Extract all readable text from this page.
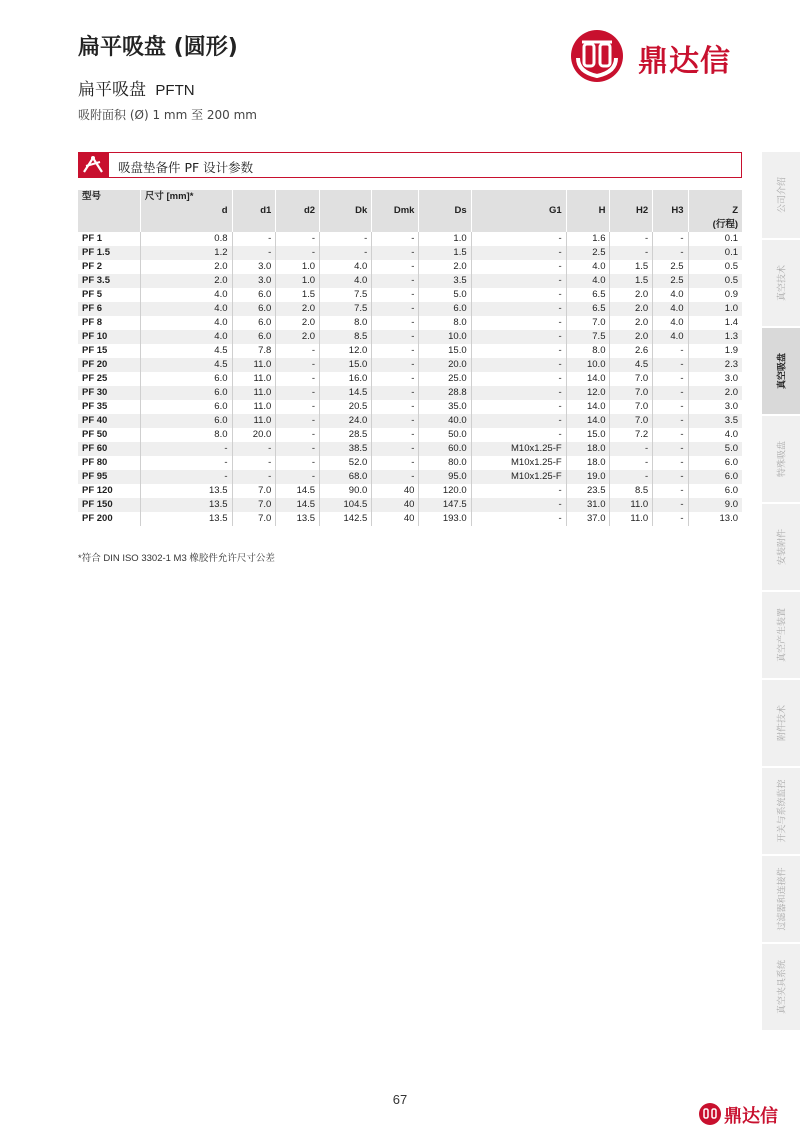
扁平吸盘 (圆形)
扁平吸盘 PFTN
吸附面积 (Ø) 1 mm 至 200 mm
鼎达信
吸盘垫备件 PF 设计参数
型号	尺寸 [mm]*										
	d	d1	d2	Dk	Dmk	Ds	G1	H	H2	H3	Z
											(行程)
PF 1	0.8	-	-	-	-	1.0	-	1.6	-	-	0.1
PF 1.5	1.2	-	-	-	-	1.5	-	2.5	-	-	0.1
PF 2	2.0	3.0	1.0	4.0	-	2.0	-	4.0	1.5	2.5	0.5
PF 3.5	2.0	3.0	1.0	4.0	-	3.5	-	4.0	1.5	2.5	0.5
PF 5	4.0	6.0	1.5	7.5	-	5.0	-	6.5	2.0	4.0	0.9
PF 6	4.0	6.0	2.0	7.5	-	6.0	-	6.5	2.0	4.0	1.0
PF 8	4.0	6.0	2.0	8.0	-	8.0	-	7.0	2.0	4.0	1.4
PF 10	4.0	6.0	2.0	8.5	-	10.0	-	7.5	2.0	4.0	1.3
PF 15	4.5	7.8	-	12.0	-	15.0	-	8.0	2.6	-	1.9
PF 20	4.5	11.0	-	15.0	-	20.0	-	10.0	4.5	-	2.3
PF 25	6.0	11.0	-	16.0	-	25.0	-	14.0	7.0	-	3.0
PF 30	6.0	11.0	-	14.5	-	28.8	-	12.0	7.0	-	2.0
PF 35	6.0	11.0	-	20.5	-	35.0	-	14.0	7.0	-	3.0
PF 40	6.0	11.0	-	24.0	-	40.0	-	14.0	7.0	-	3.5
PF 50	8.0	20.0	-	28.5	-	50.0	-	15.0	7.2	-	4.0
PF 60	-	-	-	38.5	-	60.0	M10x1.25-F	18.0	-	-	5.0
PF 80	-	-	-	52.0	-	80.0	M10x1.25-F	18.0	-	-	6.0
PF 95	-	-	-	68.0	-	95.0	M10x1.25-F	19.0	-	-	6.0
PF 120	13.5	7.0	14.5	90.0	40	120.0	-	23.5	8.5	-	6.0
PF 150	13.5	7.0	14.5	104.5	40	147.5	-	31.0	11.0	-	9.0
PF 200	13.5	7.0	13.5	142.5	40	193.0	-	37.0	11.0	-	13.0
*符合 DIN ISO 3302-1 M3 橡胶件允许尺寸公差
公司介绍
真空技术
真空吸盘
特殊吸盘
安装附件
真空产生装置
附件技术
开关与系统监控
过滤器和连接件
真空夹具系统
67
鼎达信
